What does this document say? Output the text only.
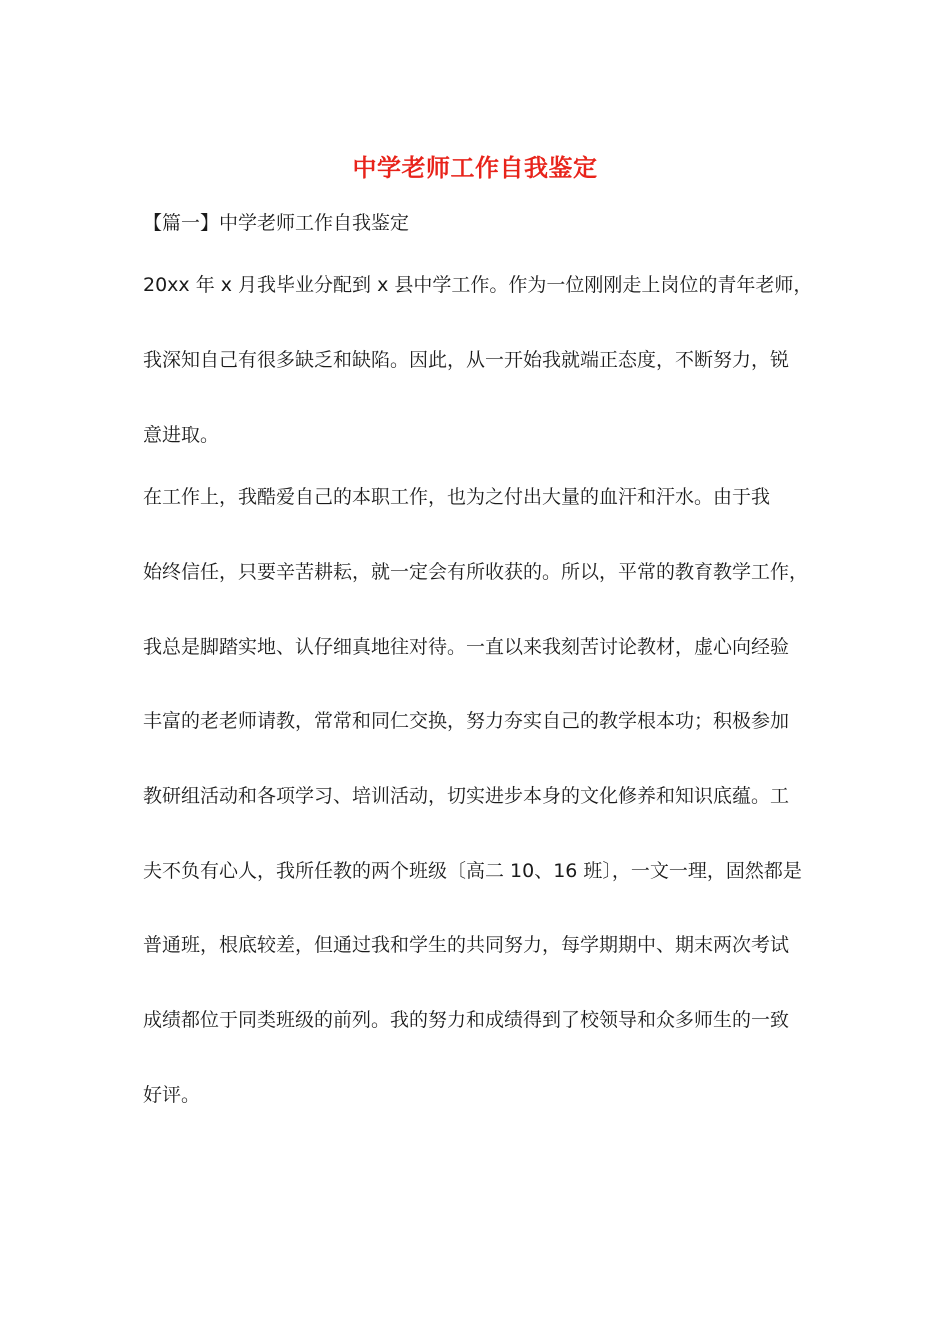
中学老师工作自我鉴定
【篇一】中学老师工作自我鉴定
20xx 年 x 月我毕业分配到 x 县中学工作。作为一位刚刚走上岗位的青年老师，
我深知自己有很多缺乏和缺陷。因此，从一开始我就端正态度，不断努力，锐
意进取。
在工作上，我酷爱自己的本职工作，也为之付出大量的血汗和汗水。由于我
始终信任，只要辛苦耕耘，就一定会有所收获的。所以，平常的教育教学工作，
我总是脚踏实地、认仔细真地往对待。一直以来我刻苦讨论教材，虚心向经验
丰富的老老师请教，常常和同仁交换，努力夯实自己的教学根本功；积极参加
教研组活动和各项学习、培训活动，切实进步本身的文化修养和知识底蕴。工
夫不负有心人，我所任教的两个班级〔高二 10、16 班〕，一文一理，固然都是
普通班，根底较差，但通过我和学生的共同努力，每学期期中、期末两次考试
成绩都位于同类班级的前列。我的努力和成绩得到了校领导和众多师生的一致
好评。
